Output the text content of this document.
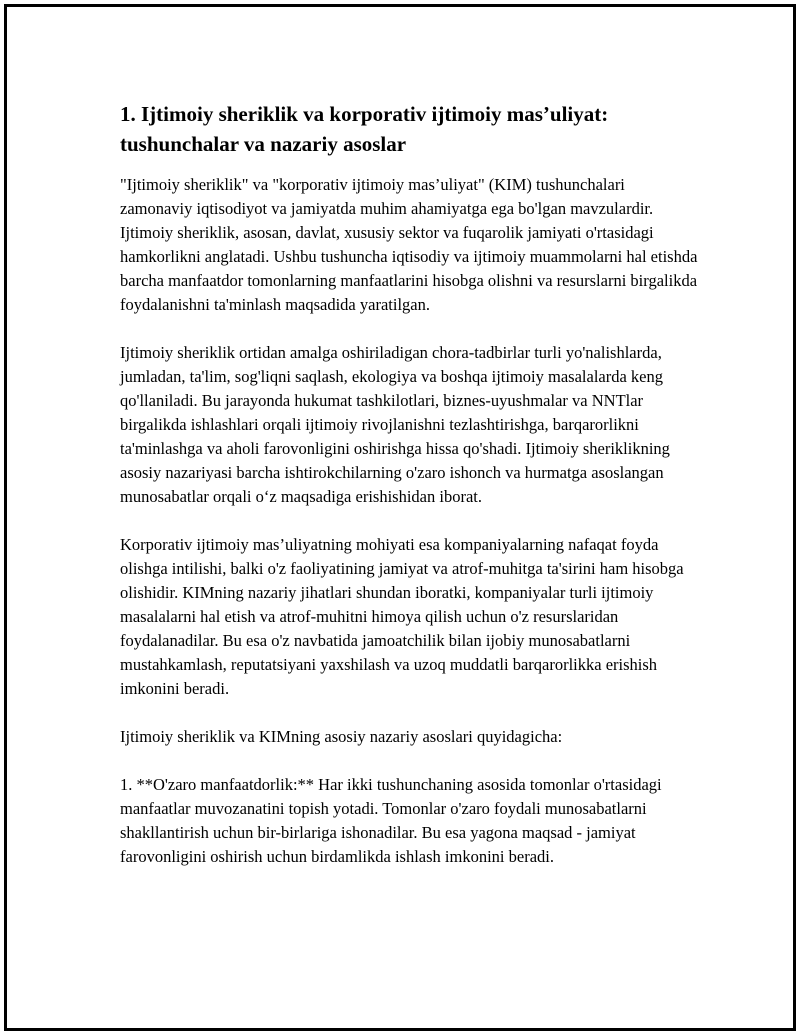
1. Ijtimoiy sheriklik va korporativ ijtimoiy mas’uliyat: tushunchalar va nazariy asoslar

"Ijtimoiy sheriklik" va "korporativ ijtimoiy mas’uliyat" (KIM) tushunchalari zamonaviy iqtisodiyot va jamiyatda muhim ahamiyatga ega bo'lgan mavzulardir. Ijtimoiy sheriklik, asosan, davlat, xususiy sektor va fuqarolik jamiyati o'rtasidagi hamkorlikni anglatadi. Ushbu tushuncha iqtisodiy va ijtimoiy muammolarni hal etishda barcha manfaatdor tomonlarning manfaatlarini hisobga olishni va resurslarni birgalikda foydalanishni ta'minlash maqsadida yaratilgan.

Ijtimoiy sheriklik ortidan amalga oshiriladigan chora-tadbirlar turli yo'nalishlarda, jumladan, ta'lim, sog'liqni saqlash, ekologiya va boshqa ijtimoiy masalalarda keng qo'llaniladi. Bu jarayonda hukumat tashkilotlari, biznes-uyushmalar va NNTlar birgalikda ishlashlari orqali ijtimoiy rivojlanishni tezlashtirishga, barqarorlikni ta'minlashga va aholi farovonligini oshirishga hissa qo'shadi. Ijtimoiy sheriklikning asosiy nazariyasi barcha ishtirokchilarning o'zaro ishonch va hurmatga asoslangan munosabatlar orqali o‘z maqsadiga erishishidan iborat.

Korporativ ijtimoiy mas’uliyatning mohiyati esa kompaniyalarning nafaqat foyda olishga intilishi, balki o'z faoliyatining jamiyat va atrof-muhitga ta'sirini ham hisobga olishidir. KIMning nazariy jihatlari shundan iboratki, kompaniyalar turli ijtimoiy masalalarni hal etish va atrof-muhitni himoya qilish uchun o'z resurslaridan foydalanadilar. Bu esa o'z navbatida jamoatchilik bilan ijobiy munosabatlarni mustahkamlash, reputatsiyani yaxshilash va uzoq muddatli barqarorlikka erishish imkonini beradi.

Ijtimoiy sheriklik va KIMning asosiy nazariy asoslari quyidagicha:

1. **O'zaro manfaatdorlik:** Har ikki tushunchaning asosida tomonlar o'rtasidagi manfaatlar muvozanatini topish yotadi. Tomonlar o'zaro foydali munosabatlarni shakllantirish uchun bir-birlariga ishonadilar. Bu esa yagona maqsad - jamiyat farovonligini oshirish uchun birdamlikda ishlash imkonini beradi.
